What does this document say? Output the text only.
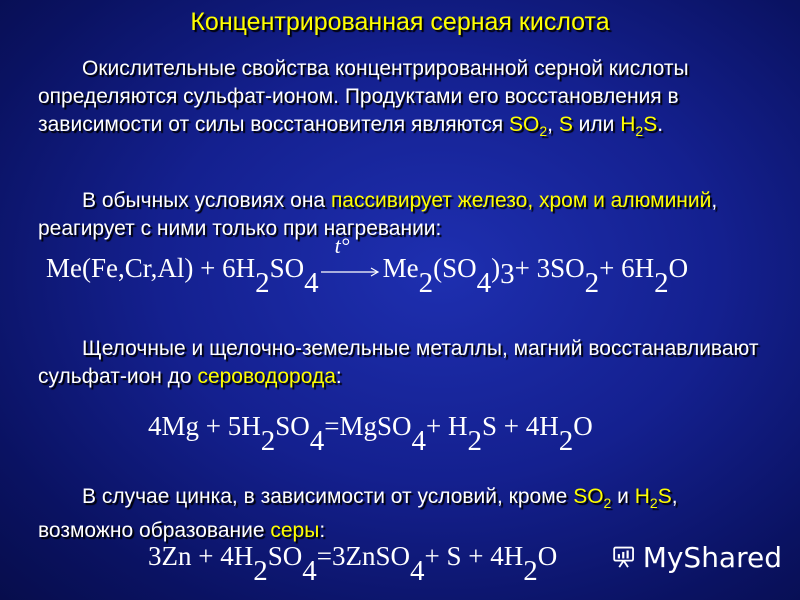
Концентрированная серная кислота

Окислительные свойства концентрированной серной кислоты определяются сульфат-ионом. Продуктами его восстановления в зависимости от силы восстановителя являются $SO_2$, S или $H_2S$.

В обычных условиях она пассивирует железо, хром и алюминий, реагирует с ними только при нагревании:

Me(Fe,Cr,Al) + 6H2SO4
t°
Me2(SO4)3+ 3SO2+ 6H2O

Щелочные и щелочно-земельные металлы, магний восстанавливают сульфат-ион до сероводорода:

4Mg + 5H2SO4=MgSO4+ H2S + 4H2O

В случае цинка, в зависимости от условий, кроме $SO_2$ и $H_2S$, возможно образование серы:

3Zn + 4H2SO4=3ZnSO4+ S + 4H2O	MyShared
